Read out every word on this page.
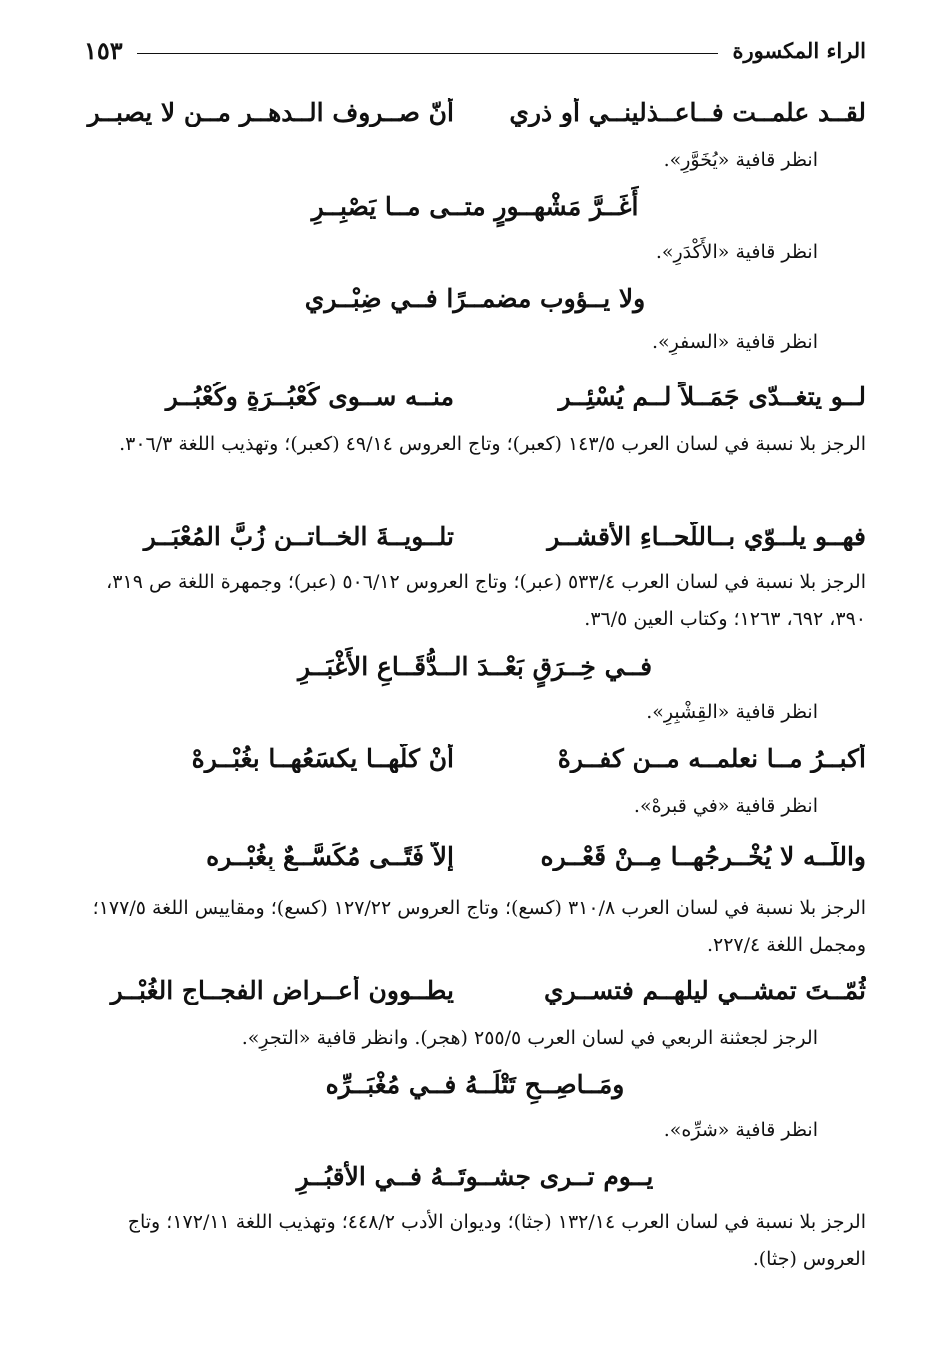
الراء المكسورة
١٥٣
لقــد علمــت فــاعــذلينــي أو ذري
أنّ صــروف الــدهــر مــن لا يصبــرِ
انظر قافية «يُخَوَّرِ».
أَغَــرَّ مَشْهــورٍ متــى مــا يَصْبِــرِ
انظر قافية «الأَكْدَرِ».
ولا يــؤوب مضمــرًا فــي ضِبْــري
انظر قافية «السفرِ».
لــو يتغــدّى جَمَــلاً لــم يُسْئِــرِ
منــه ســوى كُعْبُــرَةٍ وكُعْبُــرِ
الرجز بلا نسبة في لسان العرب ١٤٣/٥ (كعبر)؛ وتاج العروس ٤٩/١٤ (كعبر)؛ وتهذيب اللغة ٣٠٦/٣.
فهــو يلــوّي بــاللّحــاءِ الأقشــرِ
تلــويــةَ الخــاتــنِ زُبَّ المُعْبَــرِ
الرجز بلا نسبة في لسان العرب ٥٣٣/٤ (عبر)؛ وتاج العروس ٥٠٦/١٢ (عبر)؛ وجمهرة اللغة ص ٣١٩، ٣٩٠، ٦٩٢، ١٢٦٣؛ وكتاب العين ٣٦/٥.
فــي خِــرَقٍ بَعْــدَ الــدُّقَــاعِ الأَغْبَــرِ
انظر قافية «القِشْبِرِ».
أكبــرُ مــا نعلمــه مــن كفــرهْ
أنْ كلّهــا يكسَعُهــا بغُبْــرِهْ
انظر قافية «في قبرهْ».
واللّــه لا يُخْــرِجُهــا مِــنْ قَعْــرِه
إلاَّ فَتًــى مُكَسَّــعٌ بِغُبْــرِه
الرجز بلا نسبة في لسان العرب ٣١٠/٨ (كسع)؛ وتاج العروس ١٢٧/٢٢ (كسع)؛ ومقاييس اللغة ١٧٧/٥؛ ومجمل اللغة ٢٢٧/٤.
ثُمّــتَ تمشــي ليلهــم فتســري
يطــوون أعــراض الفجــاج الغُبْــرِ
الرجز لجعثنة الربعي في لسان العرب ٢٥٥/٥ (هجر). وانظر قافية «التجرِ».
ومَــاصِــحِ تَتْلَــهُ فــي مُغْبَــرِّه
انظر قافية «شرِّه».
يــوم تــرى جشــوتَــهُ فــي الأقبُــرِ
الرجز بلا نسبة في لسان العرب ١٣٢/١٤ (جثا)؛ وديوان الأدب ٤٤٨/٢؛ وتهذيب اللغة ١٧٢/١١؛ وتاج العروس (جثا).
